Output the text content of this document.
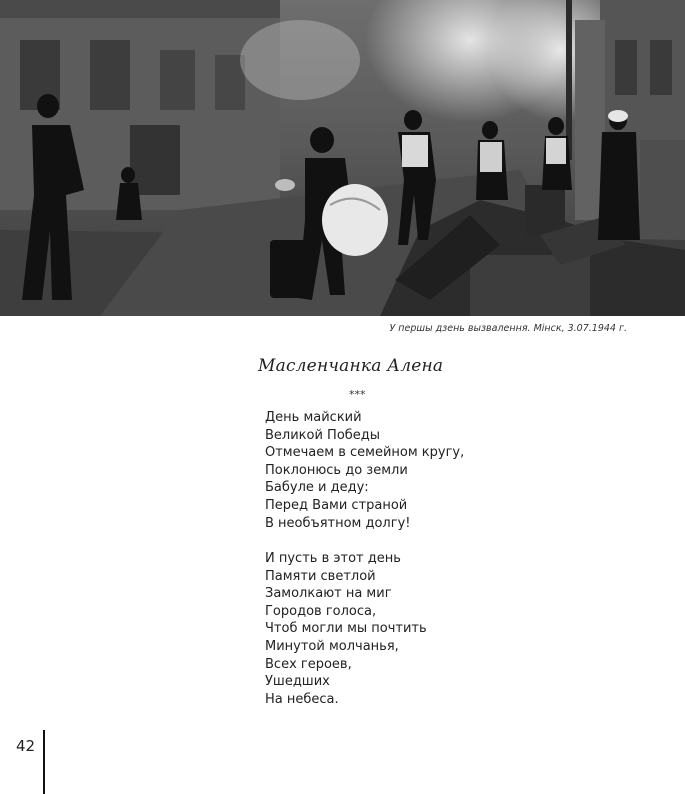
У першы дзень вызвалення. Мінск, 3.07.1944 г.
Масленчанка Алена
***
День майский
Великой Победы
Отмечаем в семейном кругу,
Поклонюсь до земли
Бабуле и деду:
Перед Вами страной
В необъятном долгу!
И пусть в этот день
Памяти светлой
Замолкают на миг
Городов голоса,
Чтоб могли мы почтить
Минутой молчанья,
Всех героев,
Ушедших
На небеса.
42
